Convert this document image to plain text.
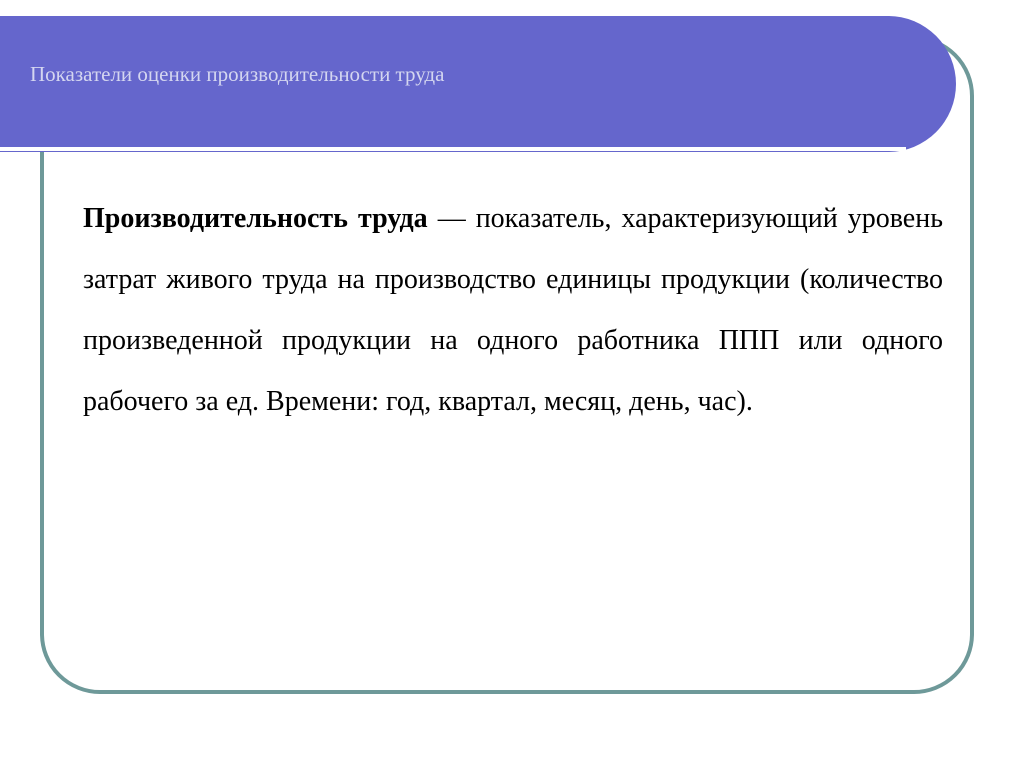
Показатели оценки производительности труда

Производительность труда — показатель, характеризующий уровень затрат живого труда на производство единицы продукции (количество произведенной продукции на одного работника ППП или одного рабочего за ед. Времени: год, квартал, месяц, день, час).
